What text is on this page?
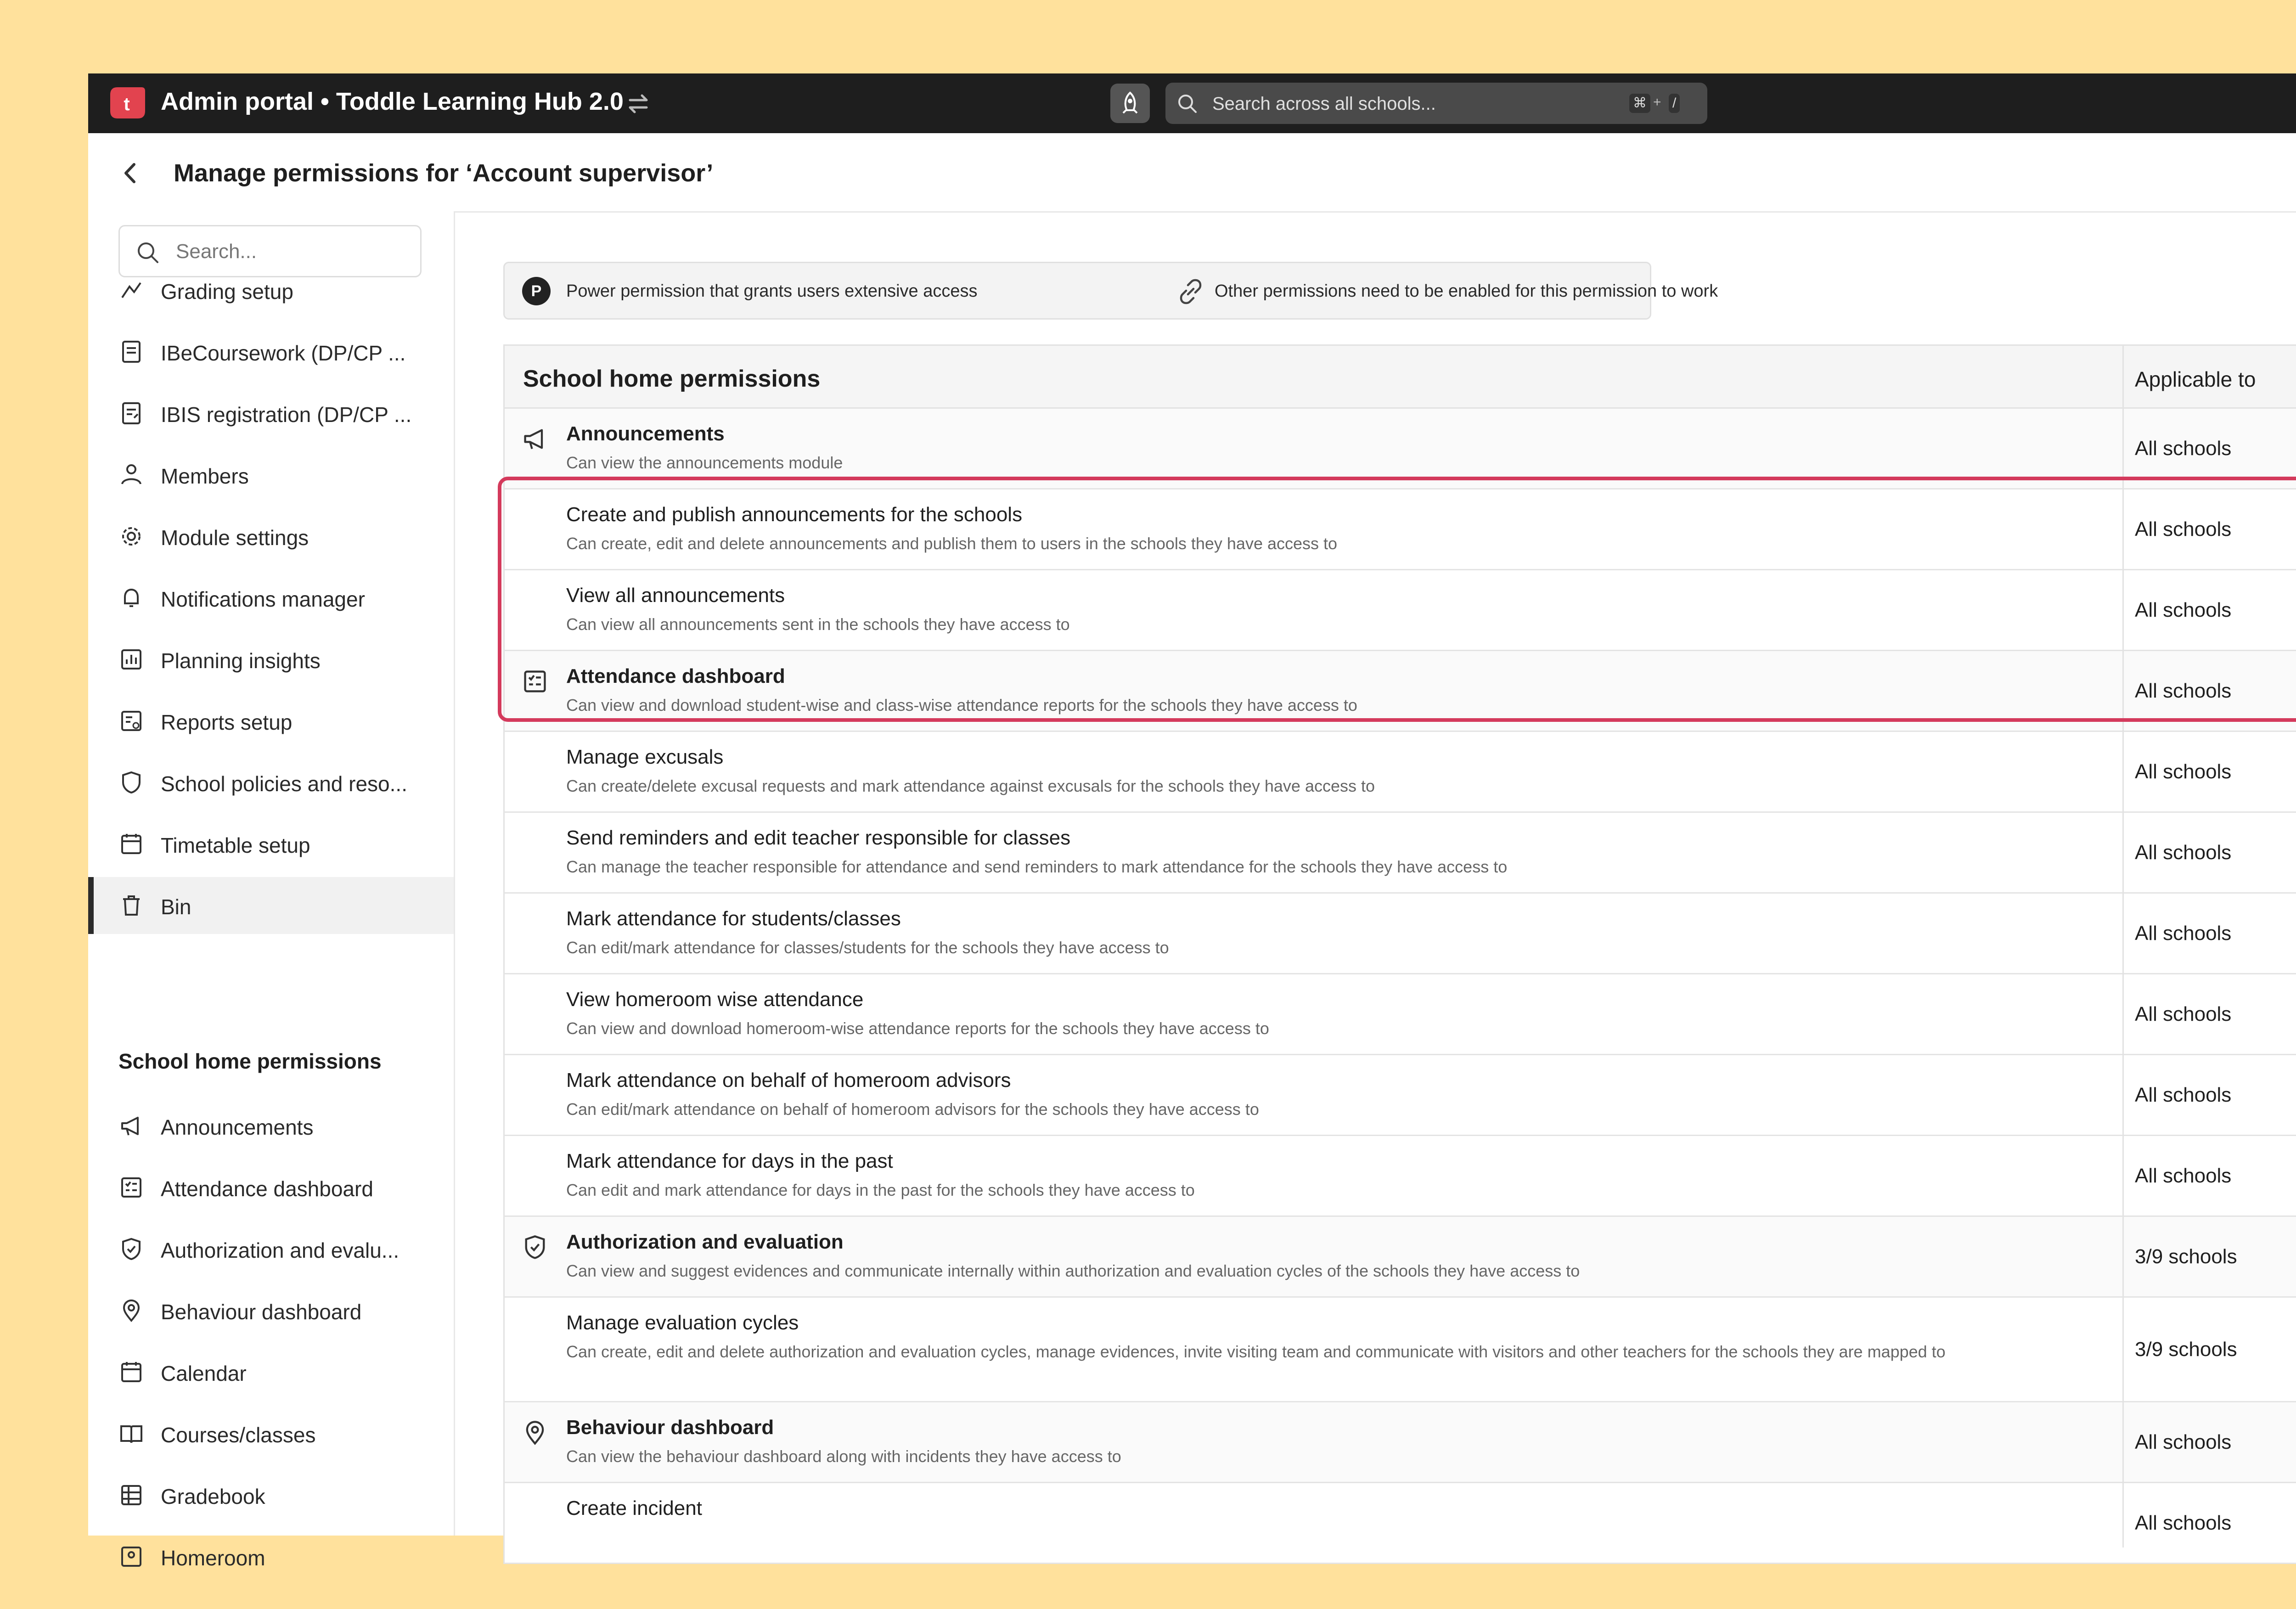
t Admin portal • Toddle Learning Hub 2.0
Search across all schools...	⌘ + /
Manage permissions for ‘Account supervisor’
Search...
Grading setup
IBeCoursework (DP/CP ...
IBIS registration (DP/CP ...
Members
Module settings
Notifications manager
Planning insights
Reports setup
School policies and reso...
Timetable setup
Bin
School home permissions
Announcements
Attendance dashboard
Authorization and evalu...
Behaviour dashboard
Calendar
Courses/classes
Gradebook
Homeroom
P	Power permission that grants users extensive access	Other permissions need to be enabled for this permission to work
School home permissions	Applicable to
Announcements
Can view the announcements module
All schools
Create and publish announcements for the schools
Can create, edit and delete announcements and publish them to users in the schools they have access to
All schools
View all announcements
Can view all announcements sent in the schools they have access to
All schools
Attendance dashboard
Can view and download student-wise and class-wise attendance reports for the schools they have access to
All schools
Manage excusals
Can create/delete excusal requests and mark attendance against excusals for the schools they have access to
All schools
Send reminders and edit teacher responsible for classes
Can manage the teacher responsible for attendance and send reminders to mark attendance for the schools they have access to
All schools
Mark attendance for students/classes
Can edit/mark attendance for classes/students for the schools they have access to
All schools
View homeroom wise attendance
Can view and download homeroom-wise attendance reports for the schools they have access to
All schools
Mark attendance on behalf of homeroom advisors
Can edit/mark attendance on behalf of homeroom advisors for the schools they have access to
All schools
Mark attendance for days in the past
Can edit and mark attendance for days in the past for the schools they have access to
All schools
Authorization and evaluation
Can view and suggest evidences and communicate internally within authorization and evaluation cycles of the schools they have access to
3/9 schools
Manage evaluation cycles
Can create, edit and delete authorization and evaluation cycles, manage evidences, invite visiting team and communicate with visitors and other teachers for the schools they are mapped to	3/9 schools
Behaviour dashboard
Can view the behaviour dashboard along with incidents they have access to
All schools
Create incident
All schools
